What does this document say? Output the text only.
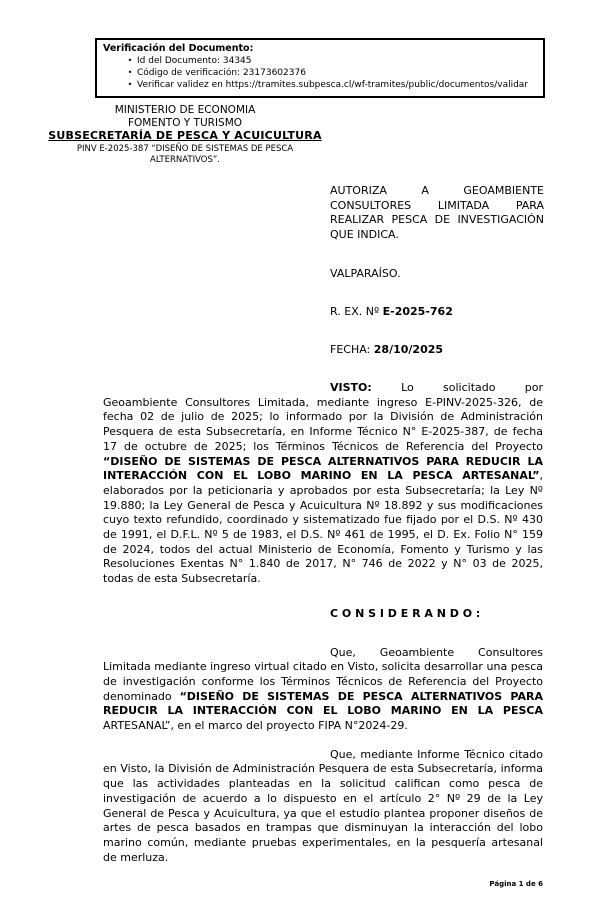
Verificación del Documento:
• Id del Documento: 34345
• Código de verificación: 23173602376
• Verificar validez en https://tramites.subpesca.cl/wf-tramites/public/documentos/validar
MINISTERIO DE ECONOMIA
FOMENTO Y TURISMO
SUBSECRETARÍA DE PESCA Y ACUICULTURA
PINV E-2025-387 “DISEÑO DE SISTEMAS DE PESCA ALTERNATIVOS”.
AUTORIZA A GEOAMBIENTE CONSULTORES LIMITADA PARA REALIZAR PESCA DE INVESTIGACIÓN QUE INDICA.
VALPARAÍSO.
R. EX. Nº E-2025-762
FECHA: 28/10/2025

VISTO: Lo solicitado por Geoambiente Consultores Limitada, mediante ingreso E-PINV-2025-326, de fecha 02 de julio de 2025; lo informado por la División de Administración Pesquera de esta Subsecretaría, en Informe Técnico N° E-2025-387, de fecha 17 de octubre de 2025; los Términos Técnicos de Referencia del Proyecto “DISEÑO DE SISTEMAS DE PESCA ALTERNATIVOS PARA REDUCIR LA INTERACCIÓN CON EL LOBO MARINO EN LA PESCA ARTESANAL”, elaborados por la peticionaria y aprobados por esta Subsecretaría; la Ley Nº 19.880; la Ley General de Pesca y Acuicultura Nº 18.892 y sus modificaciones cuyo texto refundido, coordinado y sistematizado fue fijado por el D.S. Nº 430 de 1991, el D.F.L. Nº 5 de 1983, el D.S. Nº 461 de 1995, el D. Ex. Folio N° 159 de 2024, todos del actual Ministerio de Economía, Fomento y Turismo y las Resoluciones Exentas N° 1.840 de 2017, N° 746 de 2022 y N° 03 de 2025, todas de esta Subsecretaría.

C O N S I D E R A N D O :

Que, Geoambiente Consultores Limitada mediante ingreso virtual citado en Visto, solicita desarrollar una pesca de investigación conforme los Términos Técnicos de Referencia del Proyecto denominado “DISEÑO DE SISTEMAS DE PESCA ALTERNATIVOS PARA REDUCIR LA INTERACCIÓN CON EL LOBO MARINO EN LA PESCA ARTESANAL”, en el marco del proyecto FIPA N°2024-29.

Que, mediante Informe Técnico citado en Visto, la División de Administración Pesquera de esta Subsecretaría, informa que las actividades planteadas en la solicitud califican como pesca de investigación de acuerdo a lo dispuesto en el artículo 2° Nº 29 de la Ley General de Pesca y Acuicultura, ya que el estudio plantea proponer diseños de artes de pesca basados en trampas que disminuyan la interacción del lobo marino común, mediante pruebas experimentales, en la pesquería artesanal de merluza.

Página 1 de 6
